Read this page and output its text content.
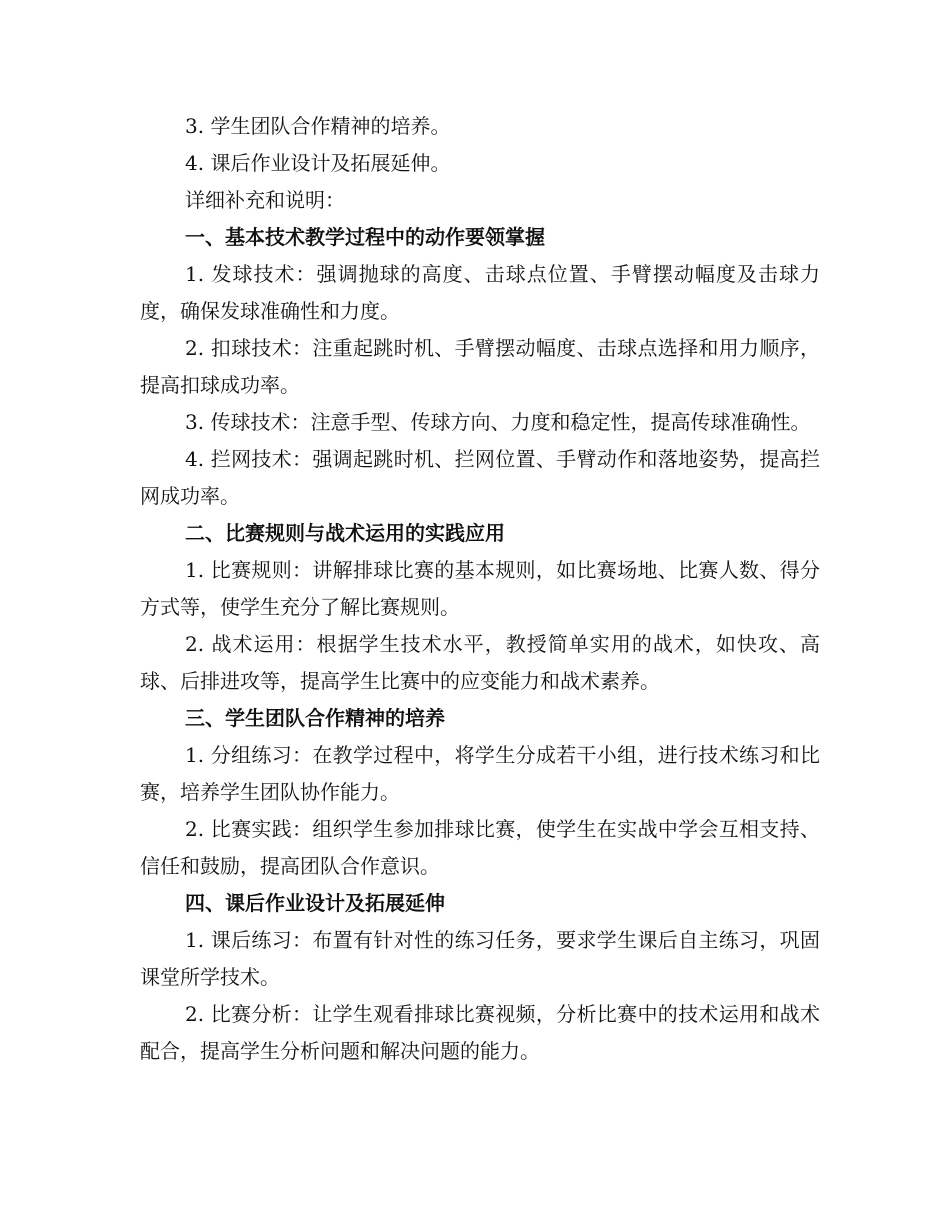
3. 学生团队合作精神的培养。

4. 课后作业设计及拓展延伸。

详细补充和说明：

一、基本技术教学过程中的动作要领掌握

1. 发球技术：强调抛球的高度、击球点位置、手臂摆动幅度及击球力度，确保发球准确性和力度。

2. 扣球技术：注重起跳时机、手臂摆动幅度、击球点选择和用力顺序，提高扣球成功率。

3. 传球技术：注意手型、传球方向、力度和稳定性，提高传球准确性。

4. 拦网技术：强调起跳时机、拦网位置、手臂动作和落地姿势，提高拦网成功率。

二、比赛规则与战术运用的实践应用

1. 比赛规则：讲解排球比赛的基本规则，如比赛场地、比赛人数、得分方式等，使学生充分了解比赛规则。

2. 战术运用：根据学生技术水平，教授简单实用的战术，如快攻、高球、后排进攻等，提高学生比赛中的应变能力和战术素养。

三、学生团队合作精神的培养

1. 分组练习：在教学过程中，将学生分成若干小组，进行技术练习和比赛，培养学生团队协作能力。

2. 比赛实践：组织学生参加排球比赛，使学生在实战中学会互相支持、信任和鼓励，提高团队合作意识。

四、课后作业设计及拓展延伸

1. 课后练习：布置有针对性的练习任务，要求学生课后自主练习，巩固课堂所学技术。

2. 比赛分析：让学生观看排球比赛视频，分析比赛中的技术运用和战术配合，提高学生分析问题和解决问题的能力。
